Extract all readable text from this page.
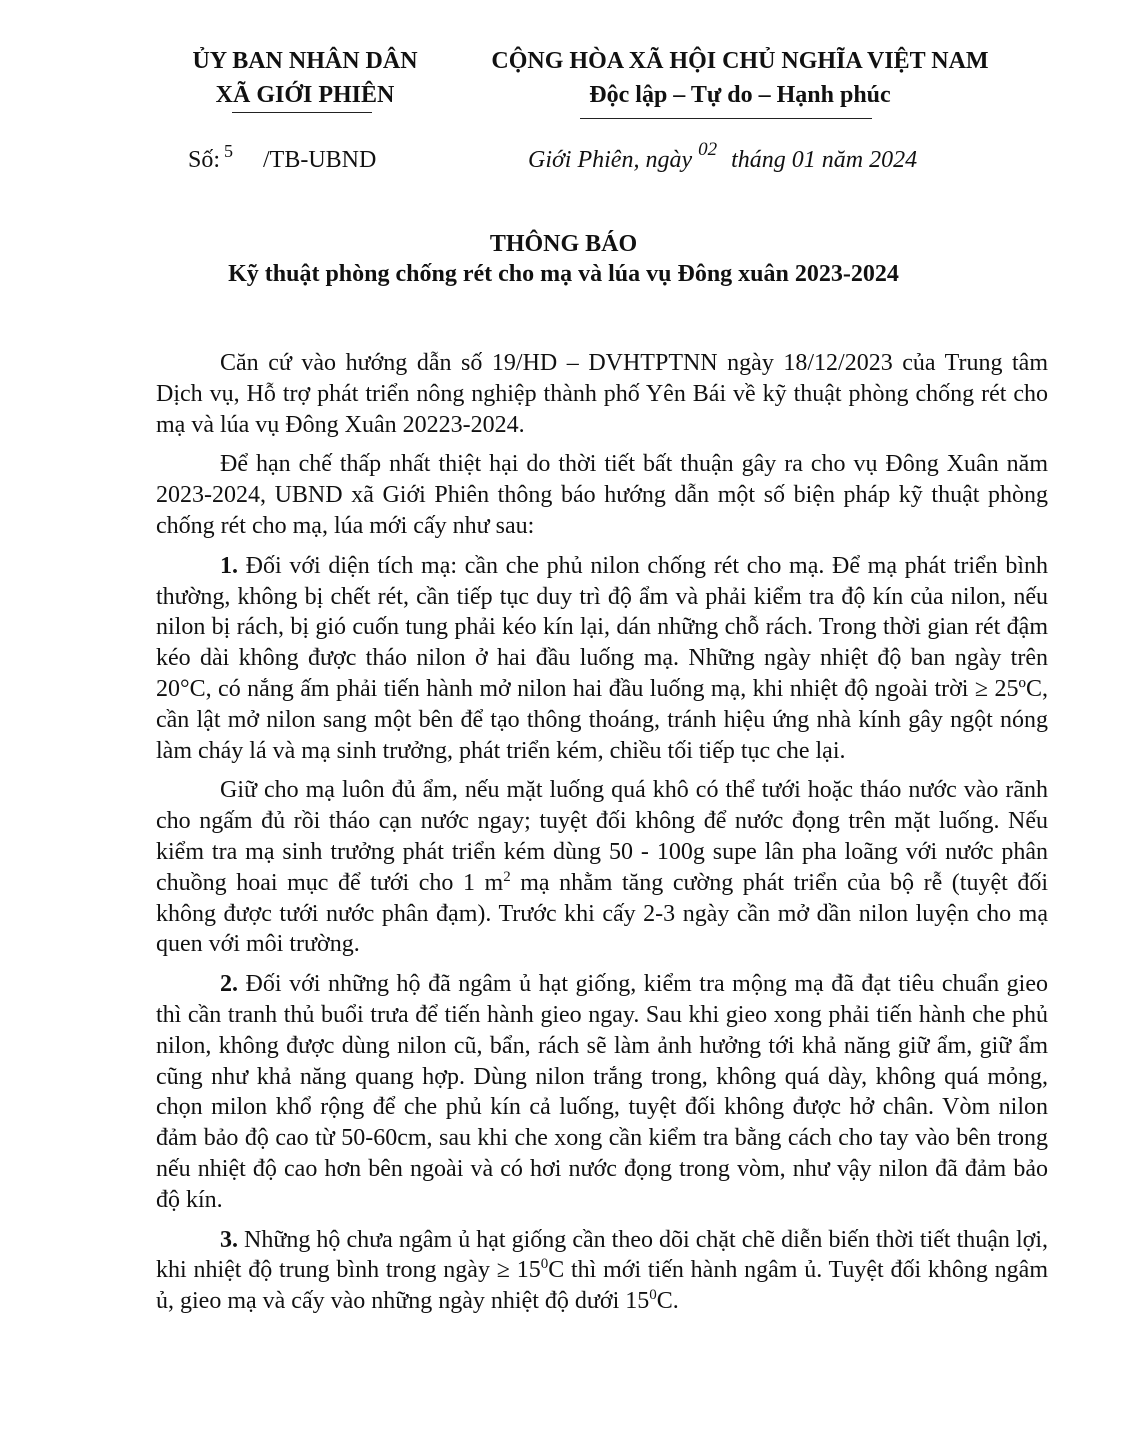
ỦY BAN NHÂN DÂN
XÃ GIỚI PHIÊN
CỘNG HÒA XÃ HỘI CHỦ NGHĨA VIỆT NAM
Độc lập – Tự do – Hạnh phúc
Số: $^5$ /TB-UBND	Giới Phiên, ngày $^{02}$ tháng 01 năm 2024
THÔNG BÁO
Kỹ thuật phòng chống rét cho mạ và lúa vụ Đông xuân 2023-2024

Căn cứ vào hướng dẫn số 19/HD – DVHTPTNN ngày 18/12/2023 của Trung tâm Dịch vụ, Hỗ trợ phát triển nông nghiệp thành phố Yên Bái về kỹ thuật phòng chống rét cho mạ và lúa vụ Đông Xuân 20223-2024.

Để hạn chế thấp nhất thiệt hại do thời tiết bất thuận gây ra cho vụ Đông Xuân năm 2023-2024, UBND xã Giới Phiên thông báo hướng dẫn một số biện pháp kỹ thuật phòng chống rét cho mạ, lúa mới cấy như sau:

1. Đối với diện tích mạ: cần che phủ nilon chống rét cho mạ. Để mạ phát triển bình thường, không bị chết rét, cần tiếp tục duy trì độ ẩm và phải kiểm tra độ kín của nilon, nếu nilon bị rách, bị gió cuốn tung phải kéo kín lại, dán những chỗ rách. Trong thời gian rét đậm kéo dài không được tháo nilon ở hai đầu luống mạ. Những ngày nhiệt độ ban ngày trên 20°C, có nắng ấm phải tiến hành mở nilon hai đầu luống mạ, khi nhiệt độ ngoài trời ≥ 25ºC, cần lật mở nilon sang một bên để tạo thông thoáng, tránh hiệu ứng nhà kính gây ngột nóng làm cháy lá và mạ sinh trưởng, phát triển kém, chiều tối tiếp tục che lại.

Giữ cho mạ luôn đủ ẩm, nếu mặt luống quá khô có thể tưới hoặc tháo nước vào rãnh cho ngấm đủ rồi tháo cạn nước ngay; tuyệt đối không để nước đọng trên mặt luống. Nếu kiểm tra mạ sinh trưởng phát triển kém dùng 50 - 100g supe lân pha loãng với nước phân chuồng hoai mục để tưới cho 1 $m^2$ mạ nhằm tăng cường phát triển của bộ rễ (tuyệt đối không được tưới nước phân đạm). Trước khi cấy 2-3 ngày cần mở dần nilon luyện cho mạ quen với môi trường.

2. Đối với những hộ đã ngâm ủ hạt giống, kiểm tra mộng mạ đã đạt tiêu chuẩn gieo thì cần tranh thủ buổi trưa để tiến hành gieo ngay. Sau khi gieo xong phải tiến hành che phủ nilon, không được dùng nilon cũ, bẩn, rách sẽ làm ảnh hưởng tới khả năng giữ ẩm, giữ ẩm cũng như khả năng quang hợp. Dùng nilon trắng trong, không quá dày, không quá mỏng, chọn milon khổ rộng để che phủ kín cả luống, tuyệt đối không được hở chân. Vòm nilon đảm bảo độ cao từ 50-60cm, sau khi che xong cần kiểm tra bằng cách cho tay vào bên trong nếu nhiệt độ cao hơn bên ngoài và có hơi nước đọng trong vòm, như vậy nilon đã đảm bảo độ kín.

3. Những hộ chưa ngâm ủ hạt giống cần theo dõi chặt chẽ diễn biến thời tiết thuận lợi, khi nhiệt độ trung bình trong ngày ≥ $15^0C$ thì mới tiến hành ngâm ủ. Tuyệt đối không ngâm ủ, gieo mạ và cấy vào những ngày nhiệt độ dưới $15^0C$.
